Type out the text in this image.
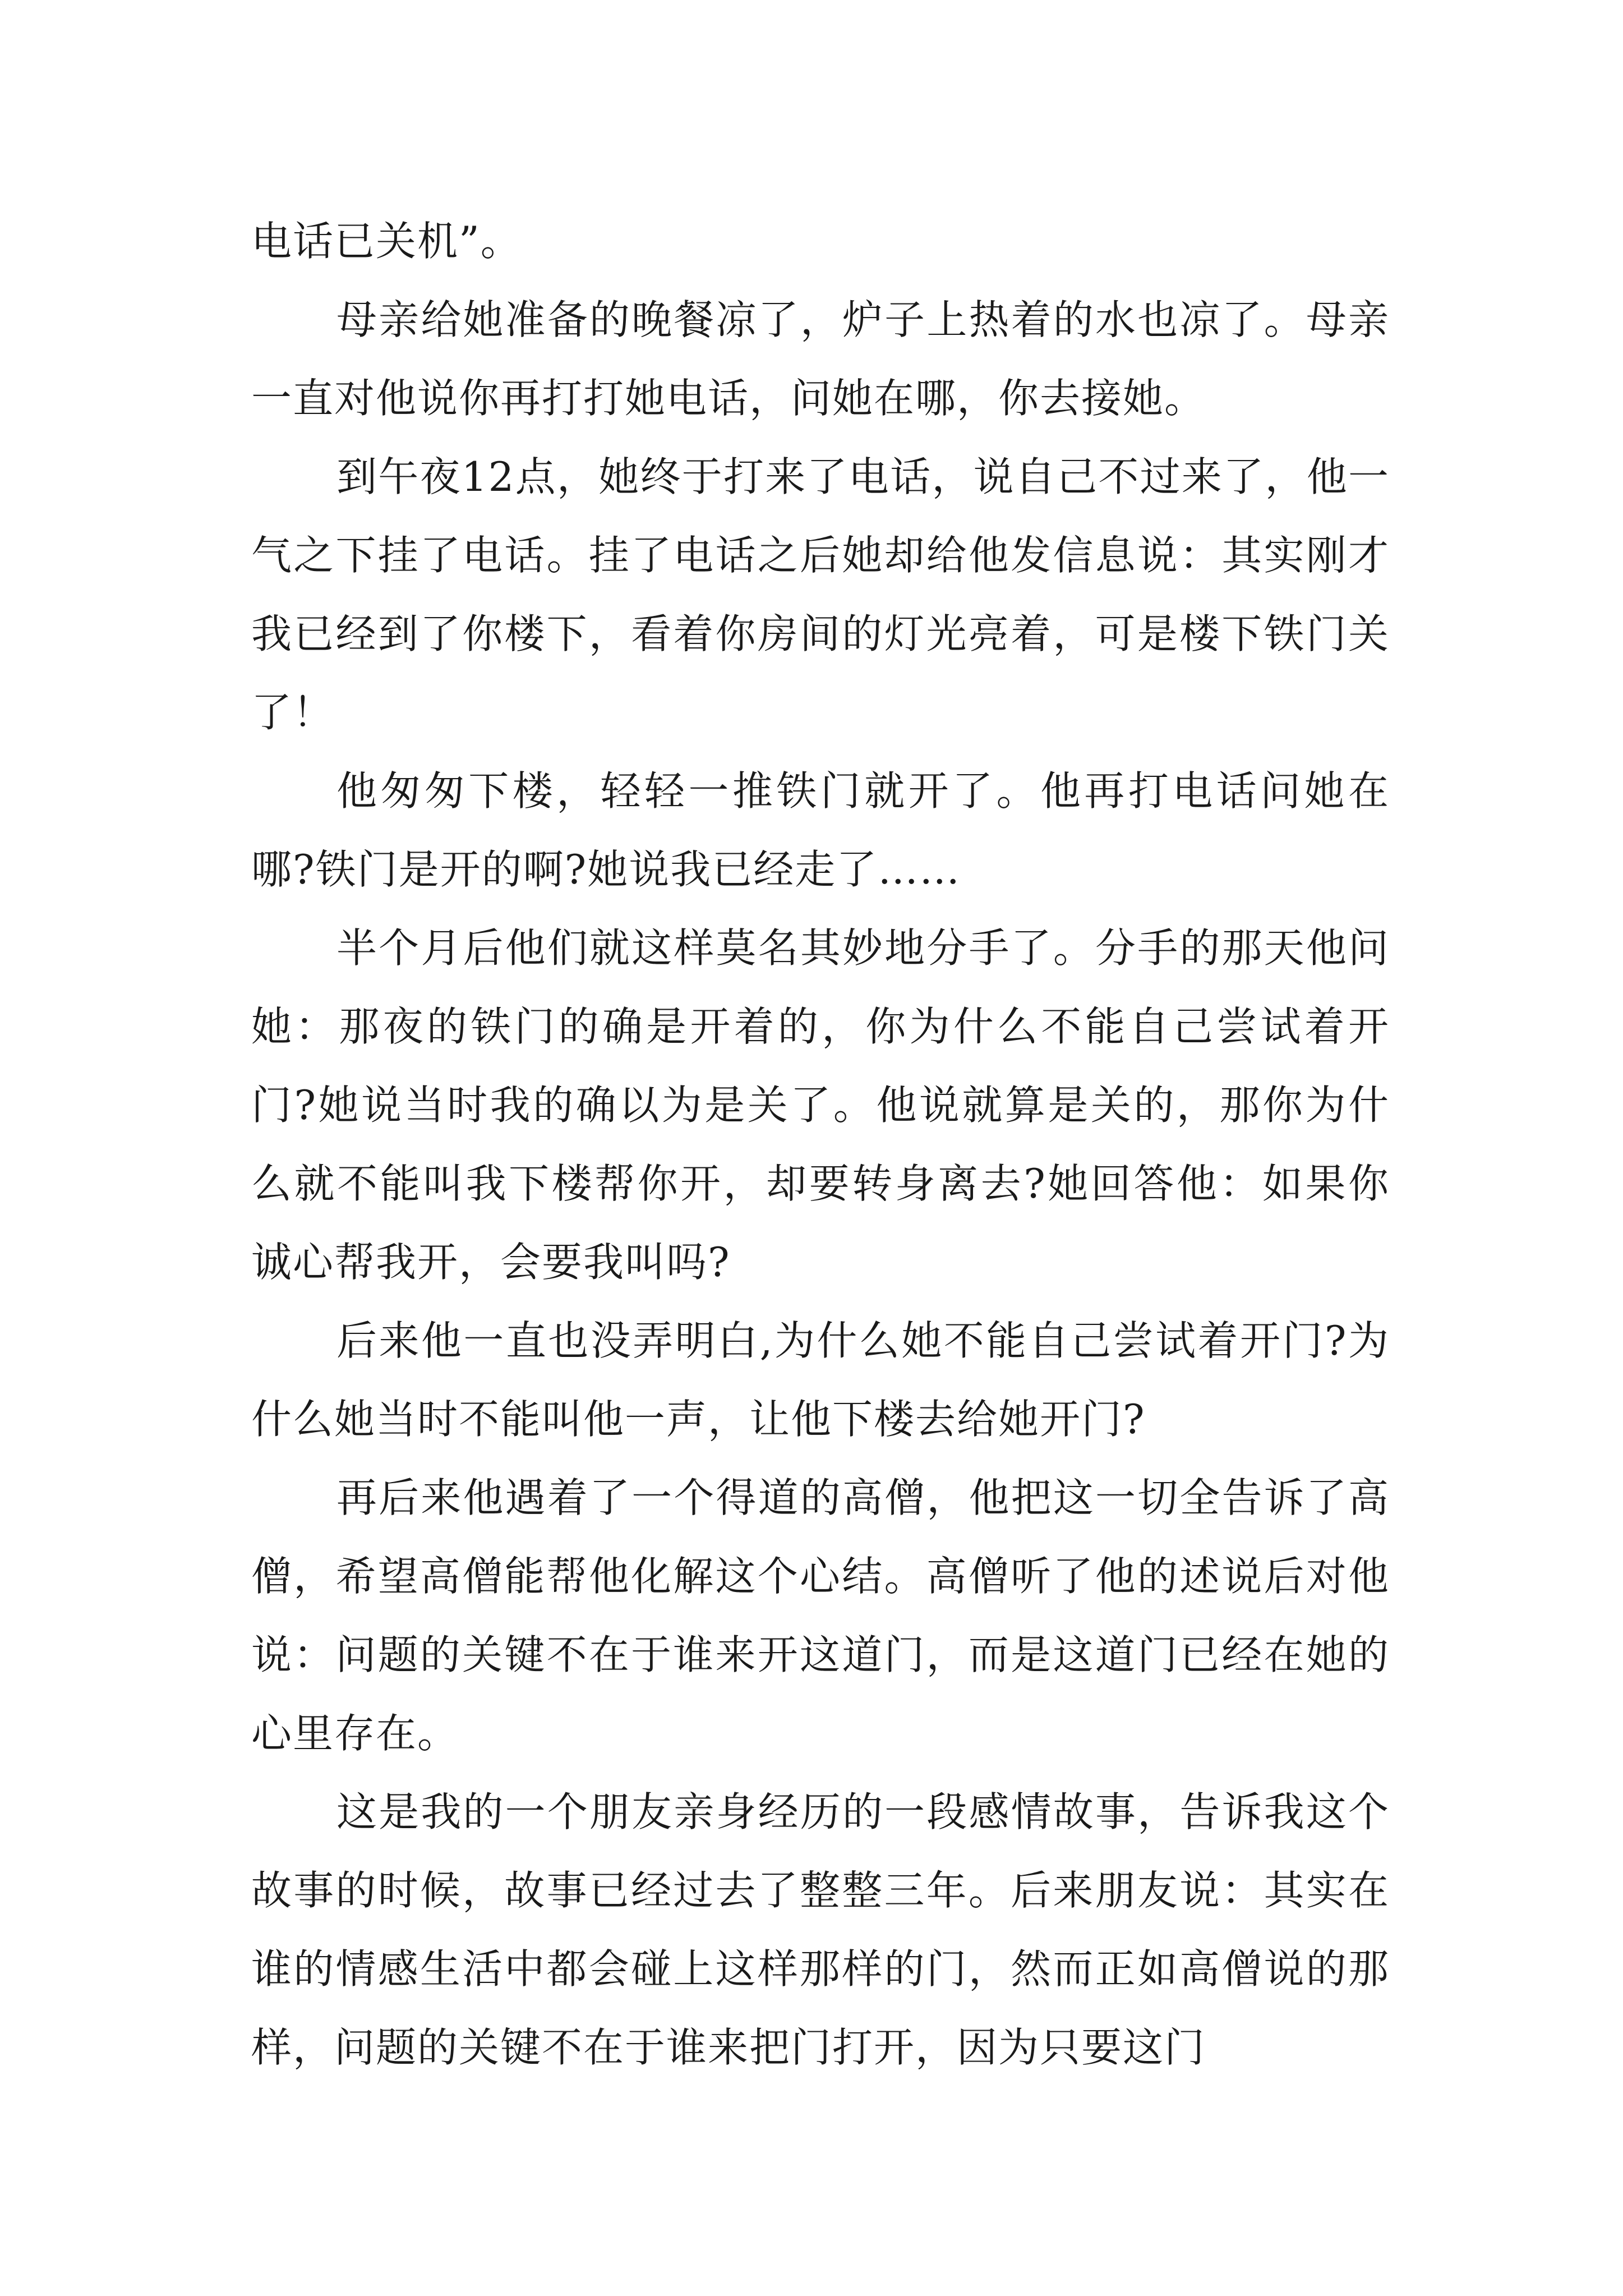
电话已关机”。

母亲给她准备的晚餐凉了，炉子上热着的水也凉了。母亲一直对他说你再打打她电话，问她在哪，你去接她。

到午夜12点，她终于打来了电话，说自己不过来了，他一气之下挂了电话。挂了电话之后她却给他发信息说：其实刚才我已经到了你楼下，看着你房间的灯光亮着，可是楼下铁门关了！

他匆匆下楼，轻轻一推铁门就开了。他再打电话问她在哪?铁门是开的啊?她说我已经走了……

半个月后他们就这样莫名其妙地分手了。分手的那天他问她：那夜的铁门的确是开着的，你为什么不能自己尝试着开门?她说当时我的确以为是关了。他说就算是关的，那你为什么就不能叫我下楼帮你开，却要转身离去?她回答他：如果你诚心帮我开，会要我叫吗?

后来他一直也没弄明白,为什么她不能自己尝试着开门?为什么她当时不能叫他一声，让他下楼去给她开门?

再后来他遇着了一个得道的高僧，他把这一切全告诉了高僧，希望高僧能帮他化解这个心结。高僧听了他的述说后对他说：问题的关键不在于谁来开这道门，而是这道门已经在她的心里存在。

这是我的一个朋友亲身经历的一段感情故事，告诉我这个故事的时候，故事已经过去了整整三年。后来朋友说：其实在谁的情感生活中都会碰上这样那样的门，然而正如高僧说的那样，问题的关键不在于谁来把门打开，因为只要这门
